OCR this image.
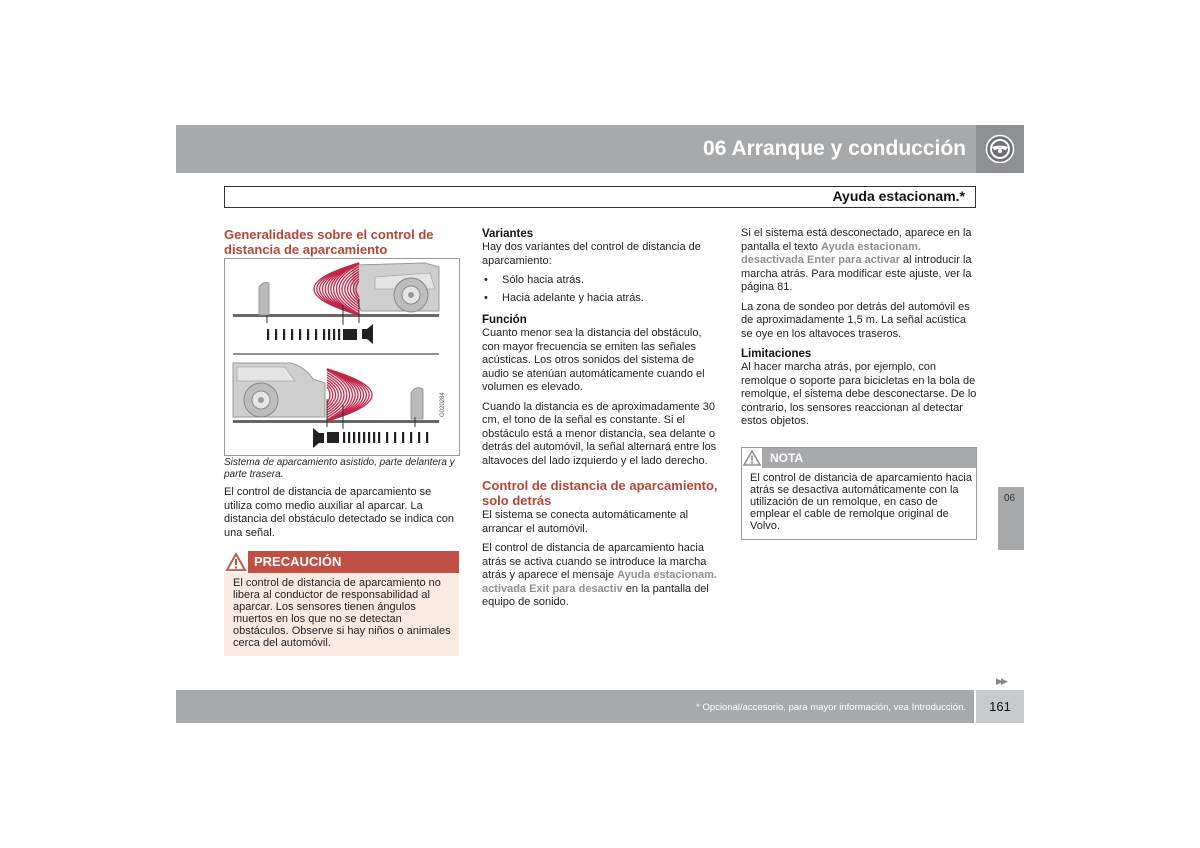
06 Arranque y conducción
Ayuda estacionam.*
Generalidades sobre el control de distancia de aparcamiento
G020284
Sistema de aparcamiento asistido, parte delantera y parte trasera.
El control de distancia de aparcamiento se utiliza como medio auxiliar al aparcar. La distancia del obstáculo detectado se indica con una señal.
PRECAUCIÓN
El control de distancia de aparcamiento no libera al conductor de responsabilidad al aparcar. Los sensores tienen ángulos muertos en los que no se detectan obstáculos. Observe si hay niños o animales cerca del automóvil.
Variantes

Hay dos variantes del control de distancia de aparcamiento:

• Sólo hacia atrás.
• Hacia adelante y hacia atrás.
Función

Cuanto menor sea la distancia del obstáculo, con mayor frecuencia se emiten las señales acústicas. Los otros sonidos del sistema de audio se atenúan automáticamente cuando el volumen es elevado.

Cuando la distancia es de aproximadamente 30 cm, el tono de la señal es constante. Si el obstáculo está a menor distancia, sea delante o detrás del automóvil, la señal alternará entre los altavoces del lado izquierdo y el lado derecho.

Control de distancia de aparcamiento, solo detrás

El sistema se conecta automáticamente al arrancar el automóvil.

El control de distancia de aparcamiento hacia atrás se activa cuando se introduce la marcha atrás y aparece el mensaje Ayuda estacionam. activada Exit para desactiv en la pantalla del equipo de sonido.

Si el sistema está desconectado, aparece en la pantalla el texto Ayuda estacionam. desactivada Enter para activar al introducir la marcha atrás. Para modificar este ajuste, ver la página 81.

La zona de sondeo por detrás del automóvil es de aproximadamente 1,5 m. La señal acústica se oye en los altavoces traseros.

Limitaciones

Al hacer marcha atrás, por ejemplo, con remolque o soporte para bicicletas en la bola de remolque, el sistema debe desconectarse. De lo contrario, los sensores reaccionan al detectar estos objetos.

NOTA
El control de distancia de aparcamiento hacia atrás se desactiva automáticamente con la utilización de un remolque, en caso de emplear el cable de remolque original de Volvo.
06
▶▶
* Opcional/accesorio, para mayor información, vea Introducción.	161
